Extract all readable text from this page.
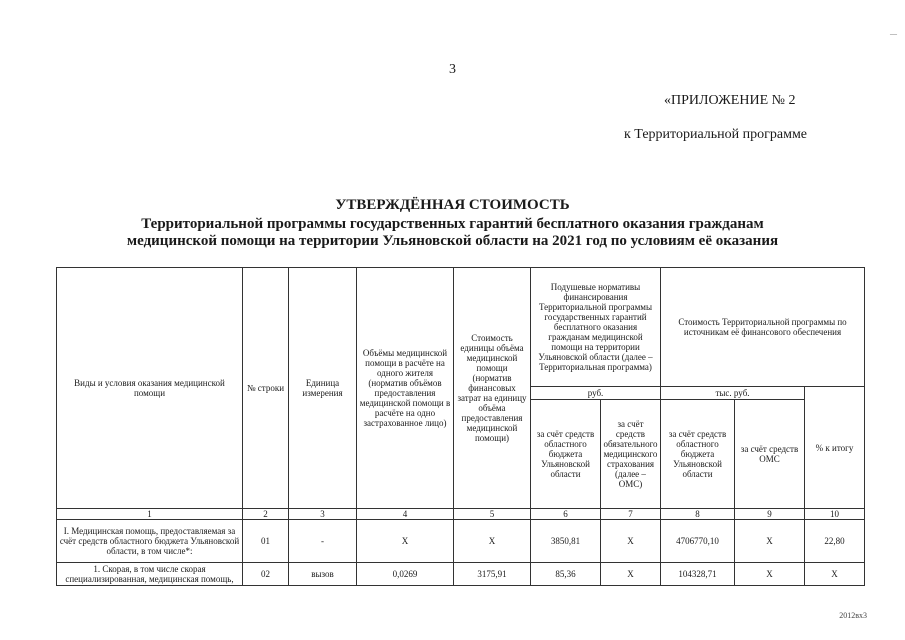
3
«ПРИЛОЖЕНИЕ № 2
к Территориальной программе
УТВЕРЖДЁННАЯ СТОИМОСТЬ
Территориальной программы государственных гарантий бесплатного оказания гражданам
медицинской помощи на территории Ульяновской области на 2021 год по условиям её оказания
Виды и условия оказания медицинской помощи	№ строки	Единица измерения	Объёмы медицинской помощи в расчёте на одного жителя (норматив объёмов предоставления медицинской помощи в расчёте на одно застрахованное лицо)	Стоимость единицы объёма медицинской помощи (норматив финансовых затрат на единицу объёма предоставления медицинской помощи)	Подушевые нормативы финансирования Территориальной программы государственных гарантий бесплатного оказания гражданам медицинской помощи на территории Ульяновской области (далее – Территориальная программа)		Стоимость Территориальной программы по источникам её финансового обеспечения		
					руб.		тыс. руб.		% к итогу
					за счёт средств областного бюджета Ульяновской области	за счёт средств обязательного медицинского страхования (далее – ОМС)	за счёт средств областного бюджета Ульяновской области	за счёт средств ОМС	
1	2	3	4	5	6	7	8	9	10
I. Медицинская помощь, предоставляемая за счёт средств областного бюджета Ульяновской области, в том числе*:	01	-	Х	Х	3850,81	Х	4706770,10	Х	22,80
1. Скорая, в том числе скорая специализированная, медицинская помощь,	02	вызов	0,0269	3175,91	85,36	Х	104328,71	Х	Х
2012вх3
—
